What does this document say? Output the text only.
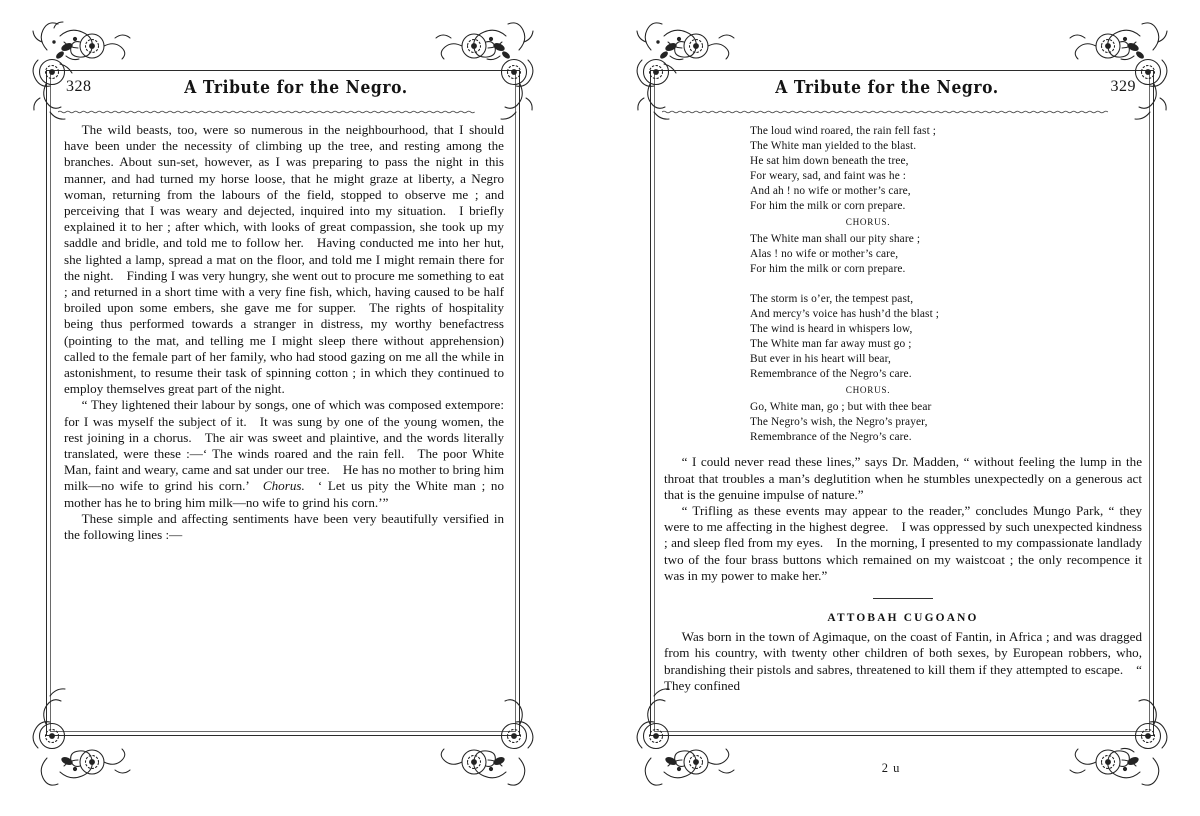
328	A Tribute for the Negro.

The wild beasts, too, were so numerous in the neighbourhood, that I should have been under the necessity of climbing up the tree, and resting among the branches. About sun-set, however, as I was preparing to pass the night in this manner, and had turned my horse loose, that he might graze at liberty, a Negro woman, returning from the labours of the field, stopped to observe me ; and perceiving that I was weary and dejected, inquired into my situation. I briefly explained it to her ; after which, with looks of great compassion, she took up my saddle and bridle, and told me to follow her. Having conducted me into her hut, she lighted a lamp, spread a mat on the floor, and told me I might remain there for the night. Finding I was very hungry, she went out to procure me something to eat ; and returned in a short time with a very fine fish, which, having caused to be half broiled upon some embers, she gave me for supper. The rights of hospitality being thus performed towards a stranger in distress, my worthy benefactress (pointing to the mat, and telling me I might sleep there without apprehension) called to the female part of her family, who had stood gazing on me all the while in astonishment, to resume their task of spinning cotton ; in which they continued to employ themselves great part of the night.

“ They lightened their labour by songs, one of which was composed extempore: for I was myself the subject of it. It was sung by one of the young women, the rest joining in a chorus. The air was sweet and plaintive, and the words literally translated, were these :—‘ The winds roared and the rain fell. The poor White Man, faint and weary, came and sat under our tree. He has no mother to bring him milk—no wife to grind his corn.’ Chorus. ‘ Let us pity the White man ; no mother has he to bring him milk—no wife to grind his corn.’”

These simple and affecting sentiments have been very beautifully versified in the following lines :—

329
A Tribute for the Negro.
The loud wind roared, the rain fell fast ;
The White man yielded to the blast.
He sat him down beneath the tree,
For weary, sad, and faint was he :
And ah ! no wife or mother’s care,
For him the milk or corn prepare.
CHORUS.
The White man shall our pity share ;
Alas ! no wife or mother’s care,
For him the milk or corn prepare.
The storm is o’er, the tempest past,
And mercy’s voice has hush’d the blast ;
The wind is heard in whispers low,
The White man far away must go ;
But ever in his heart will bear,
Remembrance of the Negro’s care.
CHORUS.
Go, White man, go ; but with thee bear
The Negro’s wish, the Negro’s prayer,
Remembrance of the Negro’s care.

“ I could never read these lines,” says Dr. Madden, “ without feeling the lump in the throat that troubles a man’s deglutition when he stumbles unexpectedly on a generous act that is the genuine impulse of nature.”

“ Trifling as these events may appear to the reader,” concludes Mungo Park, “ they were to me affecting in the highest degree. I was oppressed by such unexpected kindness ; and sleep fled from my eyes. In the morning, I presented to my compassionate landlady two of the four brass buttons which remained on my waistcoat ; the only recompence it was in my power to make her.”

ATTOBAH CUGOANO

Was born in the town of Agimaque, on the coast of Fantin, in Africa ; and was dragged from his country, with twenty other children of both sexes, by European robbers, who, brandishing their pistols and sabres, threatened to kill them if they attempted to escape. “ They confined

2 u
